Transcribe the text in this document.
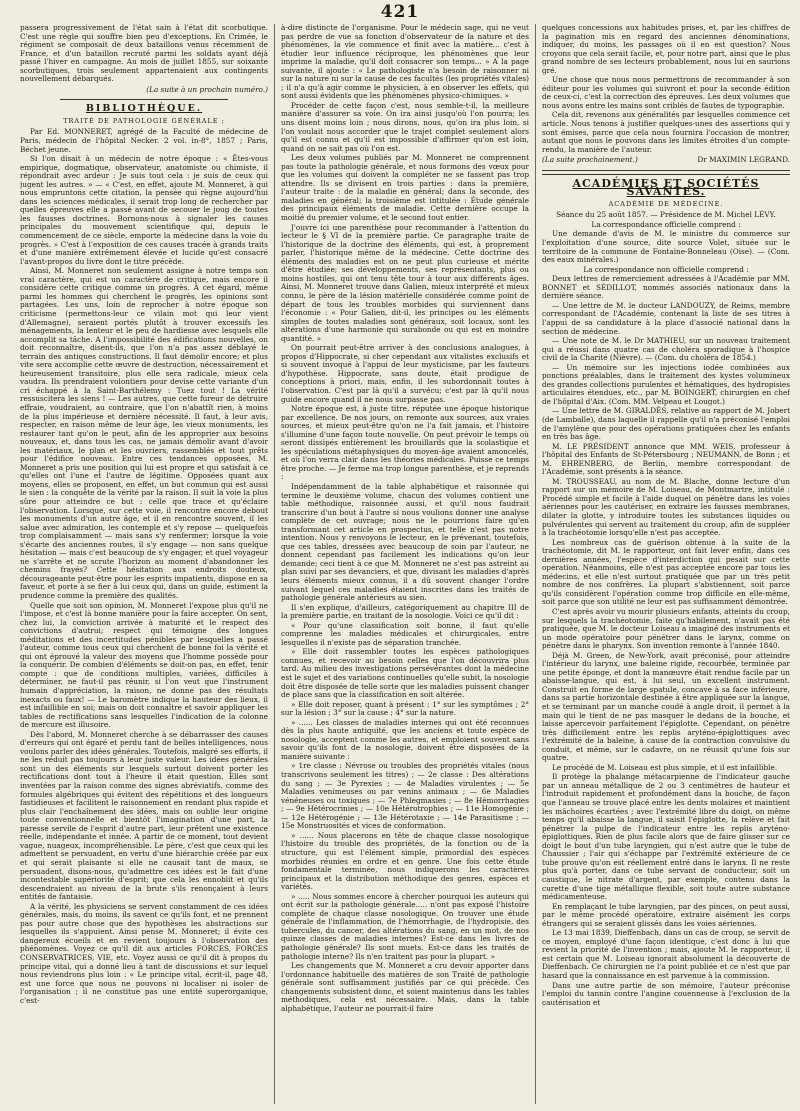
421

passera progressivement de l'état sain à l'état dit scorbutique. C'est une règle qui souffre bien peu d'exceptions. En Crimée, le régiment se composait de deux bataillons venus récemment de France, et d'un bataillon recruté parmi les soldats ayant déjà passé l'hiver en campagne. Au mois de juillet 1855, sur soixante scorbutiques, trois seulement appartenaient aux contingents nouvellement débarqués.

(La suite à un prochain numéro.)
BIBLIOTHÈQUE.
TRAITÉ DE PATHOLOGIE GÉNÉRALE ;

Par Ed. MONNERET, agrégé de la Faculté de médecine de Paris, médecin de l'hôpital Necker. 2 vol. in-8°, 1857 ; Paris, Béchet jeune.

Si l'on disait à un médecin de notre époque : « Êtes-vous empirique, dogmatique, observateur, anatomiste ou chimiste, il répondrait avec ardeur : Je suis tout cela : je suis de ceux qui jugent les autres. » — « C'est, en effet, ajoute M. Monneret, à qui nous empruntons cette citation, la pensée qui règne aujourd'hui dans les sciences médicales, il serait trop long de rechercher par quelles épreuves elle a passé avant de secouer le joug de toutes les fausses doctrines. Bornons-nous à signaler les causes principales du mouvement scientifique qui, depuis le commencement de ce siècle, emporte la médecine dans la voie du progrès. » C'est à l'exposition de ces causes tracée à grands traits et d'une manière extrêmement élevée et lucide qu'est consacré l'avant-propos du livre dont le titre précède.

Ainsi, M. Monneret non seulement assigne à notre temps son vrai caractère, qui est un caractère de critique, mais encore il considère cette critique comme un progrès. A cet égard, même parmi les hommes qui cherchent le progrès, les opinions sont partagées. Les uns, loin de reprocher à notre époque son criticisme (permettons-leur ce vilain mot qui leur vient d'Allemagne), seraient portés plutôt à trouver excessifs les ménagements, la lenteur et le peu de hardiesse avec lesquels elle accomplit sa tâche. A l'impossibilité des édifications nouvelles, on doit reconnaître, disent-ils, que l'on n'a pas assez déblayé le terrain des antiques constructions. Il faut démolir encore; et plus vite sera accomplie cette œuvre de destruction, nécessairement et heureusement transitoire, plus elle sera radicale, mieux cela vaudra. Ils prendraient volontiers pour devise cette variante d'un cri échappé à la Saint-Barthélemy : Tuez tout ! La vérité ressuscitera les siens ! — Les autres, que cette fureur de détruire effraie, voudraient, au contraire, que l'on n'abattît rien, à moins de la plus impérieuse et dernière nécessité. Il faut, à leur avis, respecter, en raison même de leur âge, les vieux monuments, les restaurer tant qu'on le peut, afin de les approprier aux besoins nouveaux, et, dans tous les cas, ne jamais démolir avant d'avoir les matériaux, le plan et les ouvriers, rassemblés et tout prêts pour l'édifice nouveau. Entre ces tendances opposées, M. Monneret a pris une position qui lui est propre et qui satisfait à ce qu'elles ont l'une et l'autre de légitime. Opposées quant aux moyens, elles se proposent, en effet, un but commun qui est aussi le sien : la conquête de la vérité par la raison. Il suit la voie la plus sûre pour atteindre ce but : celle que trace et qu'éclaire l'observation. Lorsque, sur cette voie, il rencontre encore debout les monuments d'un autre âge, et il en rencontre souvent, il les salue avec admiration, les contemple et s'y repose — quelquefois trop complaisamment — mais sans s'y renfermer; lorsque la voie s'écarte des anciennes routes, il s'y engage — non sans quelque hésitation — mais c'est beaucoup de s'y engager, et quel voyageur ne s'arrête et ne scrute l'horizon au moment d'abandonner les chemins frayés? Cette hésitation aux endroits douteux, décourageante peut-être pour les esprits impatients, dispose en sa faveur, et porte à se fier à lui ceux qui, dans un guide, estiment la prudence comme la première des qualités.

Quelle que soit son opinion, M. Monneret l'expose plus qu'il ne l'impose, et c'est là bonne manière pour la faire accepter. On sent, chez lui, la conviction arrivée à maturité et le respect des convictions d'autrui; respect qui témoigne des longues méditations et des incertitudes pénibles par lesquelles a passé l'auteur, comme tous ceux qui cherchent de bonne foi la vérité et qui ont éprouvé la valeur des moyens que l'homme possède pour la conquérir. De combien d'éléments se doit-on pas, en effet, tenir compte : que de conditions multiples, variées, difficiles à déterminer, ne faut-il pas réunir, si l'on veut que l'instrument humain d'appréciation, la raison, ne donne pas des résultats inexacts ou faux! — Le baromètre indique la hauteur des lieux, il est infaillible en soi; mais on doit connaître et savoir appliquer les tables de rectifications sans lesquelles l'indication de la colonne de mercure est illusoire.

Dès l'abord, M. Monneret cherche à se débarrasser des causes d'erreurs qui ont égaré et perdu tant de belles intelligences, nous voulons parler des idées générales. Toutefois, malgré ses efforts, il ne les réduit pas toujours à leur juste valeur. Les idées générales sont un des éléments sur lesquels surtout doivent porter les rectifications dont tout à l'heure il était question. Elles sont inventées par la raison comme des signes abréviatifs, comme des formules algébriques qui évitent des répétitions et des longueurs fastidieuses et facilitent le raisonnement en rendant plus rapide et plus clair l'enchaînement des idées, mais on oublie leur origine toute conventionnelle et bientôt l'imagination d'une part, la paresse servile de l'esprit d'autre part, leur prêtent une existence réelle, indépendante et innée. A partir de ce moment, tout devient vague, nuageux, incompréhensible. Le père, c'est que ceux qui les admettent se persuadent, en vertu d'une hiérarchie créée par eux et qui serait plaisante si elle ne causait tant de maux, se persuadent, disons-nous, qu'admettre ces idées est le fait d'une incontestable supériorité d'esprit; que cela les ennoblit et qu'ils descendraient au niveau de la brute s'ils renonçaient à leurs entités de fantaisie.

A la vérité, les physiciens se servent constamment de ces idées générales, mais, du moins, ils savent ce qu'ils font, et ne prennent pas pour autre chose que des hypothèses les abstractions sur lesquelles ils s'appuient. Ainsi pense M. Monneret; il évite ces dangereux écueils et en revient toujours à l'observation des phénomènes. Voyez ce qu'il dit aux articles FORCES, FORCES CONSERVATRICES, VIE, etc. Voyez aussi ce qu'il dit à propos du principe vital, qui a donné lieu à tant de discussions et sur lequel nous reviendrons plus loin : « Le principe vital, écrit-il, page 48, est une force que nous ne pouvons ni localiser ni isoler de l'organisation ; il ne constitue pas une entité superorganique, c'est-

à-dire distincte de l'organisme. Pour le médecin sage, qui ne veut pas perdre de vue sa fonction d'observateur de la nature et des phénomènes, la vie commence et finit avec la matière... c'est à étudier leur influence réciproque, les phénomènes que leur imprime la maladie, qu'il doit consacrer son temps... » A la page suivante, il ajoute : « Le pathologiste n'a besoin de raisonner ni sur la nature ni sur la cause de ces facultés (les propriétés vitales) ; il n'a qu'à agir comme le physicien, à en observer les effets, qui sont aussi évidents que les phénomènes physico-chimiques. »

Procéder de cette façon c'est, nous semble-t-il, la meilleure manière d'assurer sa voie. On ira ainsi jusqu'où l'on pourra; les uns disent moins loin ; nous dirons, nous, qu'on ira plus loin, si l'on voulait nous accorder que le trajet complet seulement alors qu'il est connu et qu'il est impossible d'affirmer qu'on est loin, quand on ne sait pas où l'on est.

Les deux volumes publiés par M. Monneret ne comprennent pas toute la pathologie générale, et nous formons des vœux pour que les volumes qui doivent la compléter ne se fassent pas trop attendre. Ils se divisent en trois parties : dans la première, l'auteur traite : de la maladie en général; dans la seconde, des maladies en général; la troisième est intitulée : Étude générale des principaux éléments de maladie. Cette dernière occupe la moitié du premier volume, et le second tout entier.

J'ouvre ici une parenthèse pour recommander à l'attention du lecteur le § VI de la première partie. Ce paragraphe traite de l'historique de la doctrine des éléments, qui est, à proprement parler, l'historique même de la médecine. Cette doctrine des éléments des maladies est on ne peut plus curieuse et mérite d'être étudiée; ses développements, ses représentants, plus ou moins hostiles, qui ont tenu tête tour à tour aux différents âges. Ainsi, M. Monneret trouve dans Galien, mieux interprété et mieux connu, le père de la lésion matérielle considérée comme point de départ de tous les troubles morbides qui surviennent dans l'économie : « Pour Galien, dit-il, les principes ou les éléments simples de toutes maladies sont généraux, soit locaux, sont les altérations d'une harmonie qui surabonde ou qui est en moindre quantité. »

On pourrait peut-être arriver à des conclusions analogues, à propos d'Hippocrate, si cher cependant aux vitalistes exclusifs et si souvent invoqué à l'appui de leur mysticisme, par les fauteurs d'hypothèse. Hippocrate, sans doute, était prodigue de conceptions à priori, mais, enfin, il les subordonnait toutes à l'observation. C'est par là qu'il a survécu; c'est par là qu'il nous guide encore quand il ne nous surpasse pas.

Notre époque est, à juste titre, réputée une époque historique par excellence. De nos jours, on remonte aux sources, aux vraies sources, et mieux peut-être qu'on ne l'a fait jamais, et l'histoire s'illumine d'une façon toute nouvelle. On peut prévoir le temps où seront dissipés entièrement les brouillards que la scolastique et les spéculations métaphysiques du moyen-âge avaient amoncelés, et où l'on verra clair dans les théories médicales. Puisse ce temps être proche. — Je ferme ma trop longue parenthèse, et je reprends :

Indépendamment de la table alphabétique et raisonnée qui termine le deuxième volume, chacun des volumes contient une table méthodique, raisonnée aussi, et qu'il nous faudrait transcrire d'un bout à l'autre si nous voulions donner une analyse complète de cet ouvrage; nous ne le pourrions faire qu'en transformant cet article en prospectus, et telle n'est pas notre intention. Nous y renvoyons le lecteur, en le prévenant, toutefois, que ces tables, dressées avec beaucoup de soin par l'auteur, ne donnent cependant pas facilement les indications qu'on leur demande; ceci tient à ce que M. Monneret ne s'est pas astreint au plan suivi par ses devanciers, et que, divisant les maladies d'après leurs éléments mieux connus, il a dû souvent changer l'ordre suivant lequel ces maladies étaient inscrites dans les traités de pathologie générale antérieurs au sien.

Il s'en explique, d'ailleurs, catégoriquement au chapitre III de la première partie, en traitant de la nosologie. Voici ce qu'il dit :

« Pour qu'une classification soit bonne, il faut qu'elle comprenne les maladies médicales et chirurgicales, entre lesquelles il n'existe pas de séparation tranchée.

» Elle doit rassembler toutes les espèces pathologiques connues, et recevoir au besoin celles que l'on découvrira plus tard. Au milieu des investigations persévérantes dont la médecine est le sujet et des variations continuelles qu'elle subit, la nosologie doit être disposée de telle sorte que les maladies puissent changer de place sans que la classification en soit altérée.

» Elle doit reposer, quant à présent : 1° sur les symptômes ; 2° sur la lésion ; 3° sur la cause ; 4° sur la nature.

» ...... Les classes de maladies internes qui ont été reconnues dès la plus haute antiquité, que les anciens et toute espèce de nosologie, acceptent comme les autres, et emploient souvent sans savoir qu'ils font de la nosologie, doivent être disposées de la manière suivante :

» 1re classe : Névrose ou troubles des propriétés vitales (nous transcrivons seulement les titres) ; — 2e classe : Des altérations du sang ; — 3e Pyrexies ; — 4e Maladies virulentes ; — 5e Maladies venimeuses ou par venins animaux ; — 6e Maladies vénéneuses ou toxiques ; — 7e Phlegmasies ; — 8e Hémorrhagies ; — 9e Hétérocrinies ; — 10e Hétérotrophies ; — 11e Homogénie ; — 12e Hétérogénie ; — 13e Hétérotaxie ; — 14e Parasitisme ; — 15e Monstruosités et vices de conformation.

» ...... Nous placerons en tête de chaque classe nosologique l'histoire du trouble des propriétés, de la fonction ou de la structure, qui est l'élément simple, primordial des espèces morbides réunies en ordre et en genre. Une fois cette étude fondamentale terminée, nous indiquerons les caractères principaux et la distribution méthodique des genres, espèces et variétés.

» ..... Nous sommes encore à chercher pourquoi les auteurs qui ont écrit sur la pathologie générale..... n'ont pas exposé l'histoire complète de chaque classe nosologique. On trouver une étude générale de l'inflammation, de l'hémorrhagie, de l'hydropisie, des tubercules, du cancer, des altérations du sang, en un mot, de nos quinze classes de maladies internes? Est-ce dans les livres de pathologie générale? Ils sont muets. Est-ce dans les traités de pathologie interne? Ils n'en traitent pas pour la plupart. »

Les changements que M. Monneret a cru devoir apporter dans l'ordonnance habituelle des matières de son Traité de pathologie générale sont suffisamment justifiés par ce qui précède. Ces changements subsistent donc, et soient maintenus dans les tables méthodiques, cela est nécessaire. Mais, dans la table alphabétique, l'auteur ne pourrait-il faire

quelques concessions aux habitudes prises, et, par les chiffres de la pagination mis en regard des anciennes dénominations, indiquer, du moins, les passages où il en est question? Nous croyons que cela serait facile, et, pour notre part, ainsi que le plus grand nombre de ses lecteurs probablement, nous lui en saurions gré.

Une chose que nous nous permettrons de recommander à son éditeur pour les volumes qui suivront et pour la seconde édition de ceux-ci, c'est la correction des épreuves. Les deux volumes que nous avons entre les mains sont criblés de fautes de typographie.

Cela dit, revenons aux généralités par lesquelles commence cet article. Nous tenons à justifier quelques-unes des assertions qui y sont émises, parce que cela nous fournira l'occasion de montrer, autant que nous le pouvons dans les limites étroites d'un compte-rendu, la manière de l'auteur.

(La suite prochainement.)	Dr MAXIMIN LEGRAND.
ACADÉMIES ET SOCIÉTÉS SAVANTES.
ACADÉMIE DE MÉDECINE.
Séance du 25 août 1857. — Présidence de M. Michel LÉVY.
La correspondance officielle comprend :

Une demande d'avis de M. le ministre du commerce sur l'exploitation d'une source, dite source Volet, située sur le territoire de la commune de Fontaine-Bonneleau (Oise). — (Com. des eaux minérales.)

La correspondance non officielle comprend :

Deux lettres de remerciement adressées à l'Académie par MM. BONNET et SÉDILLOT, nommés associés nationaux dans la dernière séance.

— Une lettre de M. le docteur LANDOUZY, de Reims, membre correspondant de l'Académie, contenant la liste de ses titres à l'appui de sa candidature à la place d'associé national dans la section de médecine.

— Une note de M. le Dr MATHIEU, sur un nouveau traitement qui a réussi dans quatre cas de choléra sporadique à l'hospice civil de la Charité (Nièvre). — (Com. du choléra de 1854.)

— Un mémoire sur les injections iodée combinées aux ponctions préalables, dans le traitement des kystes volumineux des grandes collections purulentes et hématiques, des hydropisies articulaires étendues, etc., par M. BOINGERT, chirurgien en chef de l'hôpital d'Aix. (Com. MM. Velpeau et Lougot.)

— Une lettre de M. GIRALDÈS, relative au rapport de M. Jobert (de Lamballe), dans laquelle il rappelle qu'il n'a préconisé l'emploi de l'amylène que pour des opérations pratiquées chez les enfants en très bas âge.

M. LE PRÉSIDENT annonce que MM. WEIS, professeur à l'hôpital des Enfants de St-Pétersbourg ; NEUMANN, de Bonn ; et M. EHRENBERG, de Berlin, membre correspondant de l'Académie, sont présents à la séance.

M. TROUSSEAU, au nom de M. Blache, donne lecture d'un rapport sur un mémoire de M. Loiseau, de Montmartre, intitulé : Procédé simple et facile à l'aide duquel on pénètre dans les voies aériennes pour les cautériser, en extraire les fausses membranes, dilater la glotte, y introduire toutes les substances liquides ou pulvérulentes qui servent au traitement du croup, afin de suppléer à la trachéotomie lorsqu'elle n'est pas acceptée.

Les nombreux cas de guérison obtenue à la suite de la trachéotomie, dit M. le rapporteur, ont fait lever enfin, dans ces dernières années, l'espèce d'interdiction qui pesait sur cette opération. Néanmoins, elle n'est pas acceptée encore par tous les médecins, et elle n'est surtout pratiquée que par un très petit nombre de nos confrères. La plupart s'abstiennent, soit parce qu'ils considèrent l'opération comme trop difficile en elle-même, soit parce que son utilité ne leur est pas suffisamment démontrée.

C'est après avoir vu mourir plusieurs enfants, atteints du croup, sur lesquels la trachéotomie, faite qu'habilement, n'avait pas été pratiquée, que M. le docteur Loiseau a imaginé des instruments et un mode opératoire pour pénétrer dans le larynx, comme on pénètre dans le pharynx. Son invention remonte à l'année 1840.

Déjà M. Green, de New-York, avait préconisé, pour atteindre l'intérieur du larynx, une baleine rigide, recourbée, terminée par une petite éponge, et dont la manœuvre était rendue facile par un abaisse-langue, qui est, à lui seul, un excellent instrument. Construit en forme de large spatule, concave à sa face inférieure, dans sa partie horizontale destinée à être appliquée sur la langue, et se terminant par un manche coudé à angle droit, il permet à la main qui le tient de ne pas masquer le dedans de la bouche, et laisse apercevoir parfaitement l'épiglotte. Cependant, on pénètre très difficilement entre les replis aryténo-épiglottiques avec l'extrémité de la baleine, à cause de la contraction convulsive du conduit, et même, sur le cadavre, on ne réussit qu'une fois sur quatre.

Le procédé de M. Loiseau est plus simple, et il est infaillible.

Il protège la phalange métacarpienne de l'indicateur gauche par un anneau métallique de 2 ou 3 centimètres de hauteur et l'introduit rapidement et profondément dans la bouche, de façon que l'anneau se trouve placé entre les dents molaires et maintient les mâchoires écartées ; avec l'extrémité libre du doigt, on même temps qu'il abaisse la langue, il saisit l'épiglotte, la relève et fait pénétrer la pulpe de l'indicateur entre les replis aryténo-épiglottiques. Rien de plus facile alors que de faire glisser sur ce doigt le bout d'un tube laryngien, qui n'est autre que le tube de Chaussier ; l'air qui s'échappe par l'extrémité extérieure de ce tube prouve qu'on est réellement entré dans le larynx. Il ne reste plus qu'à porter, dans ce tube servant de conducteur, soit un caustique, le nitrate d'argent, par exemple, contenu dans la curette d'une tige métallique flexible, soit toute autre substance médicamenteuse.

En remplaçant le tube laryngien, par des pinces, on peut aussi, par le même procédé opératoire, extraire aisément les corps étrangers qui se seraient glissés dans les voies aériennes.

Le 13 mai 1839, Dieffenbach, dans un cas de croup, se servit de ce moyen, employé d'une façon identique, c'est donc à lui que revient la priorité de l'invention ; mais, ajoute M. le rapporteur, il est certain que M. Loiseau ignorait absolument la découverte de Dieffenbach. Ce chirurgien ne l'a point publiée et ce n'est que par hasard que la connaissance en est parvenue à la commission.

Dans une autre partie de son mémoire, l'auteur préconise l'emploi du tannin contre l'angine couenneuse à l'exclusion de la cautérisation et
